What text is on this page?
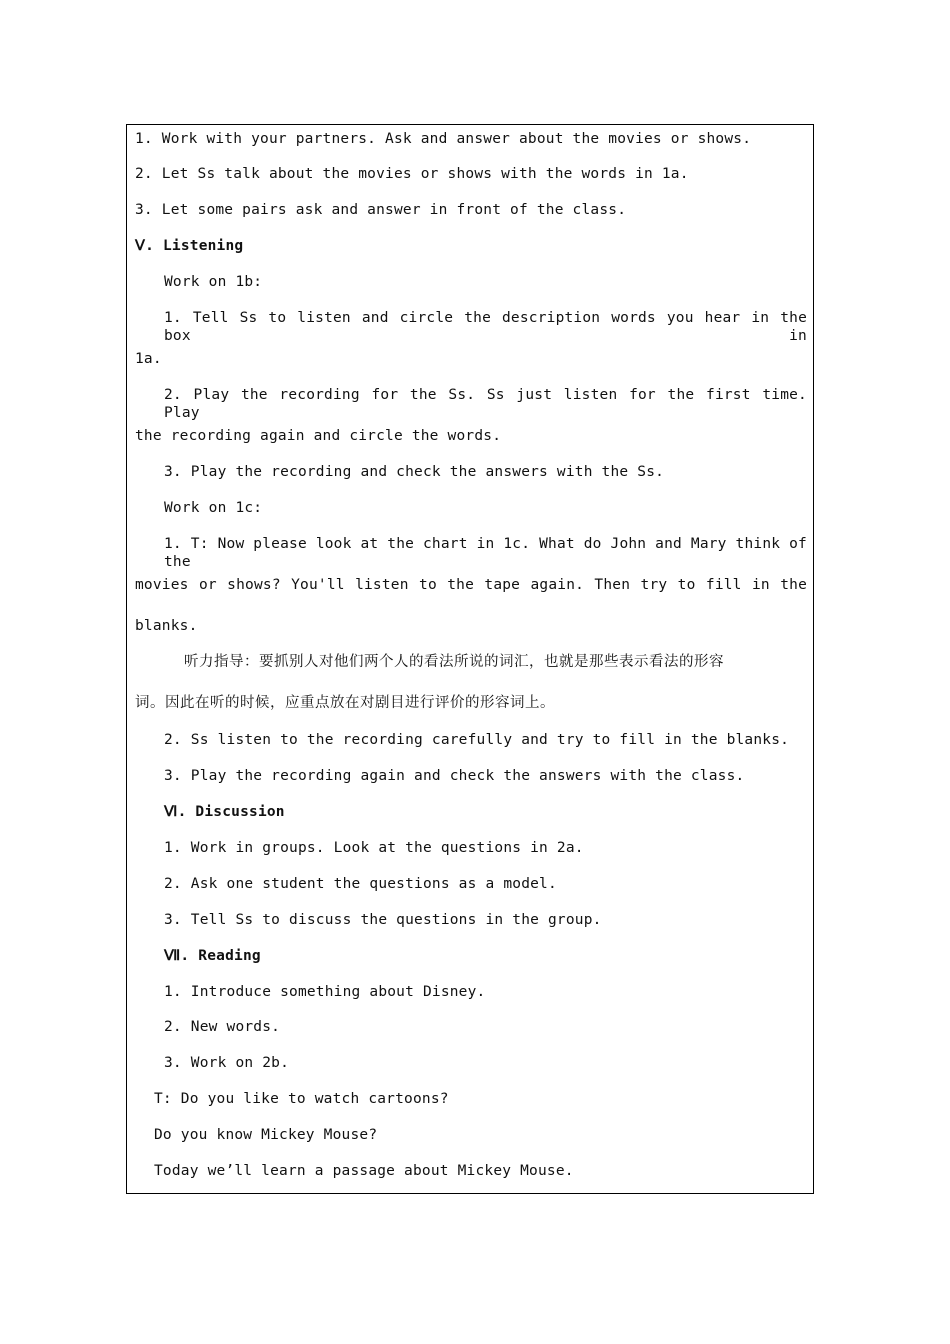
1. Work with your partners. Ask and answer about the movies or shows.
2. Let Ss talk about the movies or shows with the words in 1a.
3. Let some pairs ask and answer in front of the class.
Ⅴ. Listening
Work on 1b:
1. Tell Ss to listen and circle the description words you hear in the box in
1a.
2. Play the recording for the Ss. Ss just listen for the first time. Play
the recording again and circle the words.
3. Play the recording and check the answers with the Ss.
Work on 1c:
1. T: Now please look at the chart in 1c. What do John and Mary think of the
movies or shows? You'll listen to the tape again. Then try to fill in the
blanks.
听力指导：要抓别人对他们两个人的看法所说的词汇，也就是那些表示看法的形容
词。因此在听的时候，应重点放在对剧目进行评价的形容词上。
2. Ss listen to the recording carefully and try to fill in the blanks.
3. Play the recording again and check the answers with the class.
Ⅵ. Discussion
1. Work in groups. Look at the questions in 2a.
2. Ask one student the questions as a model.
3. Tell Ss to discuss the questions in the group.
Ⅶ. Reading
1. Introduce something about Disney.
2. New words.
3. Work on 2b.
T: Do you like to watch cartoons?
Do you know Mickey Mouse?
Today we’ll learn a passage about Mickey Mouse.
